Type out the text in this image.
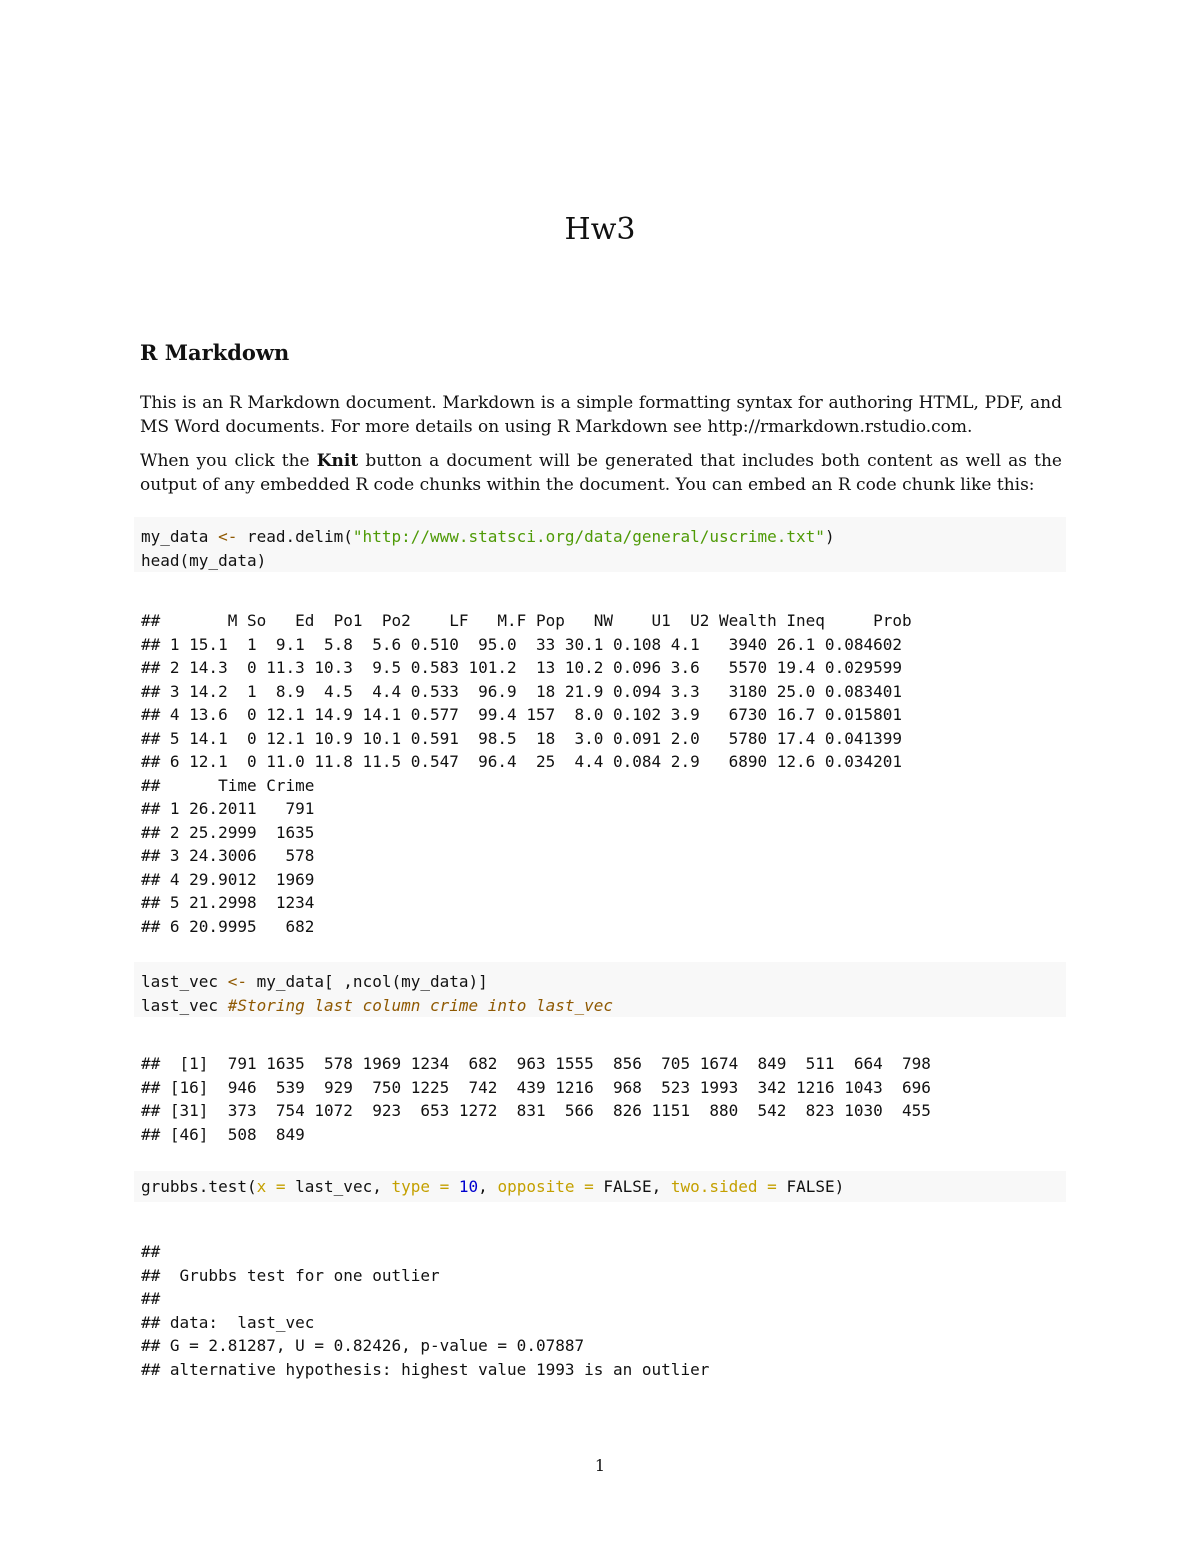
Hw3
R Markdown

This is an R Markdown document. Markdown is a simple formatting syntax for authoring HTML, PDF, and MS Word documents. For more details on using R Markdown see http://rmarkdown.rstudio.com.

When you click the Knit button a document will be generated that includes both content as well as the output of any embedded R code chunks within the document. You can embed an R code chunk like this:

my_data <- read.delim("http://www.statsci.org/data/general/uscrime.txt")
head(my_data)
##       M So   Ed  Po1  Po2    LF   M.F Pop   NW    U1  U2 Wealth Ineq     Prob
## 1 15.1  1  9.1  5.8  5.6 0.510  95.0  33 30.1 0.108 4.1   3940 26.1 0.084602
## 2 14.3  0 11.3 10.3  9.5 0.583 101.2  13 10.2 0.096 3.6   5570 19.4 0.029599
## 3 14.2  1  8.9  4.5  4.4 0.533  96.9  18 21.9 0.094 3.3   3180 25.0 0.083401
## 4 13.6  0 12.1 14.9 14.1 0.577  99.4 157  8.0 0.102 3.9   6730 16.7 0.015801
## 5 14.1  0 12.1 10.9 10.1 0.591  98.5  18  3.0 0.091 2.0   5780 17.4 0.041399
## 6 12.1  0 11.0 11.8 11.5 0.547  96.4  25  4.4 0.084 2.9   6890 12.6 0.034201
##      Time Crime
## 1 26.2011   791
## 2 25.2999  1635
## 3 24.3006   578
## 4 29.9012  1969
## 5 21.2998  1234
## 6 20.9995   682
last_vec <- my_data[ ,ncol(my_data)]
last_vec #Storing last column crime into last_vec
##  [1]  791 1635  578 1969 1234  682  963 1555  856  705 1674  849  511  664  798
## [16]  946  539  929  750 1225  742  439 1216  968  523 1993  342 1216 1043  696
## [31]  373  754 1072  923  653 1272  831  566  826 1151  880  542  823 1030  455
## [46]  508  849
grubbs.test(x = last_vec, type = 10, opposite = FALSE, two.sided = FALSE)
##
##  Grubbs test for one outlier
##
## data:  last_vec
## G = 2.81287, U = 0.82426, p-value = 0.07887
## alternative hypothesis: highest value 1993 is an outlier
1
